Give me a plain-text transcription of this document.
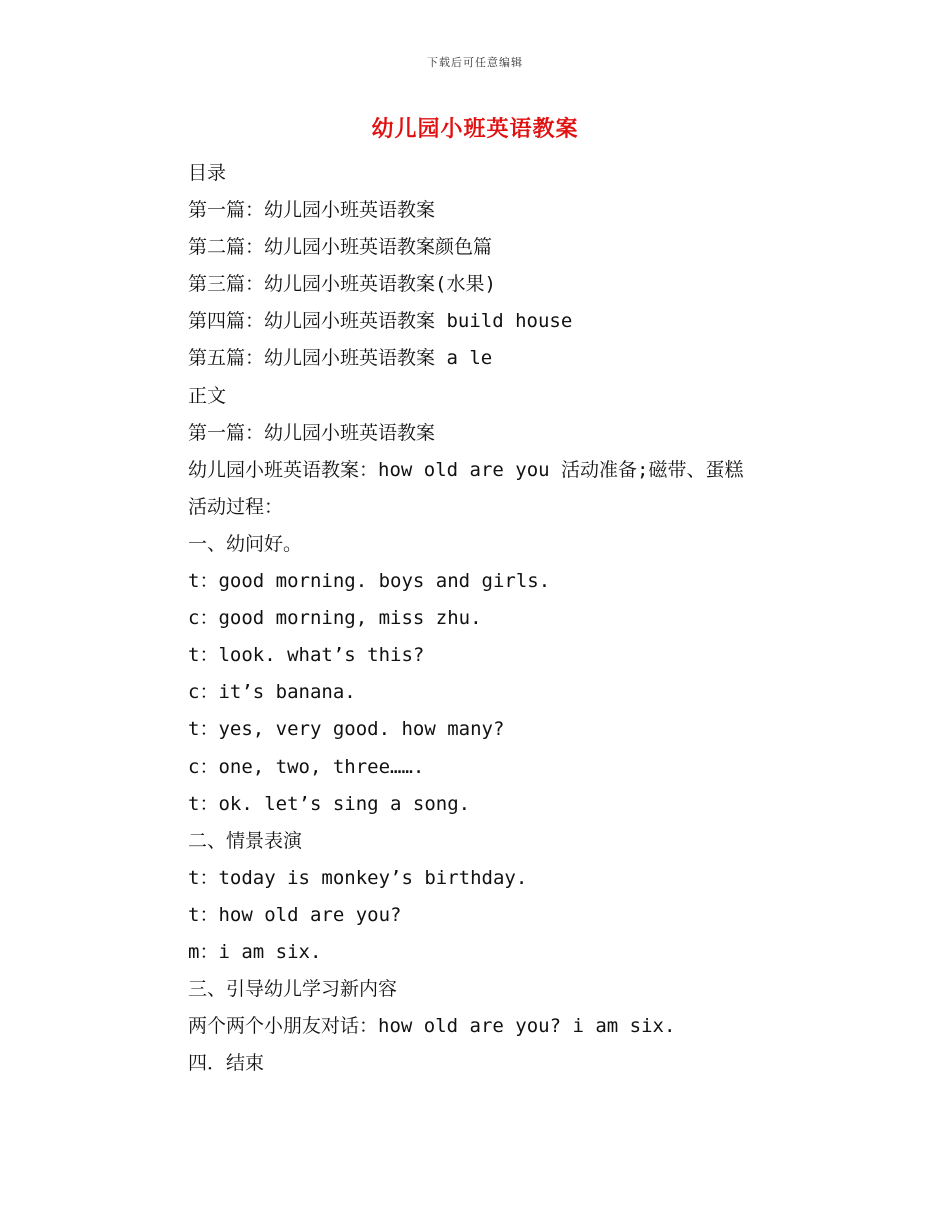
下载后可任意编辑
幼儿园小班英语教案
目录
第一篇：幼儿园小班英语教案
第二篇：幼儿园小班英语教案颜色篇
第三篇：幼儿园小班英语教案(水果)
第四篇：幼儿园小班英语教案 build house
第五篇：幼儿园小班英语教案 a le
正文
第一篇：幼儿园小班英语教案
幼儿园小班英语教案：how old are you 活动准备;磁带、蛋糕
活动过程：
一、幼问好。
t：good morning. boys and girls.
c：good morning, miss zhu.
t：look. what’s this?
c：it’s banana.
t：yes, very good. how many?
c：one, two, three…….
t：ok. let’s sing a song.
二、情景表演
t：today is monkey’s birthday.
t：how old are you?
m：i am six.
三、引导幼儿学习新内容
两个两个小朋友对话：how old are you? i am six.
四．结束
